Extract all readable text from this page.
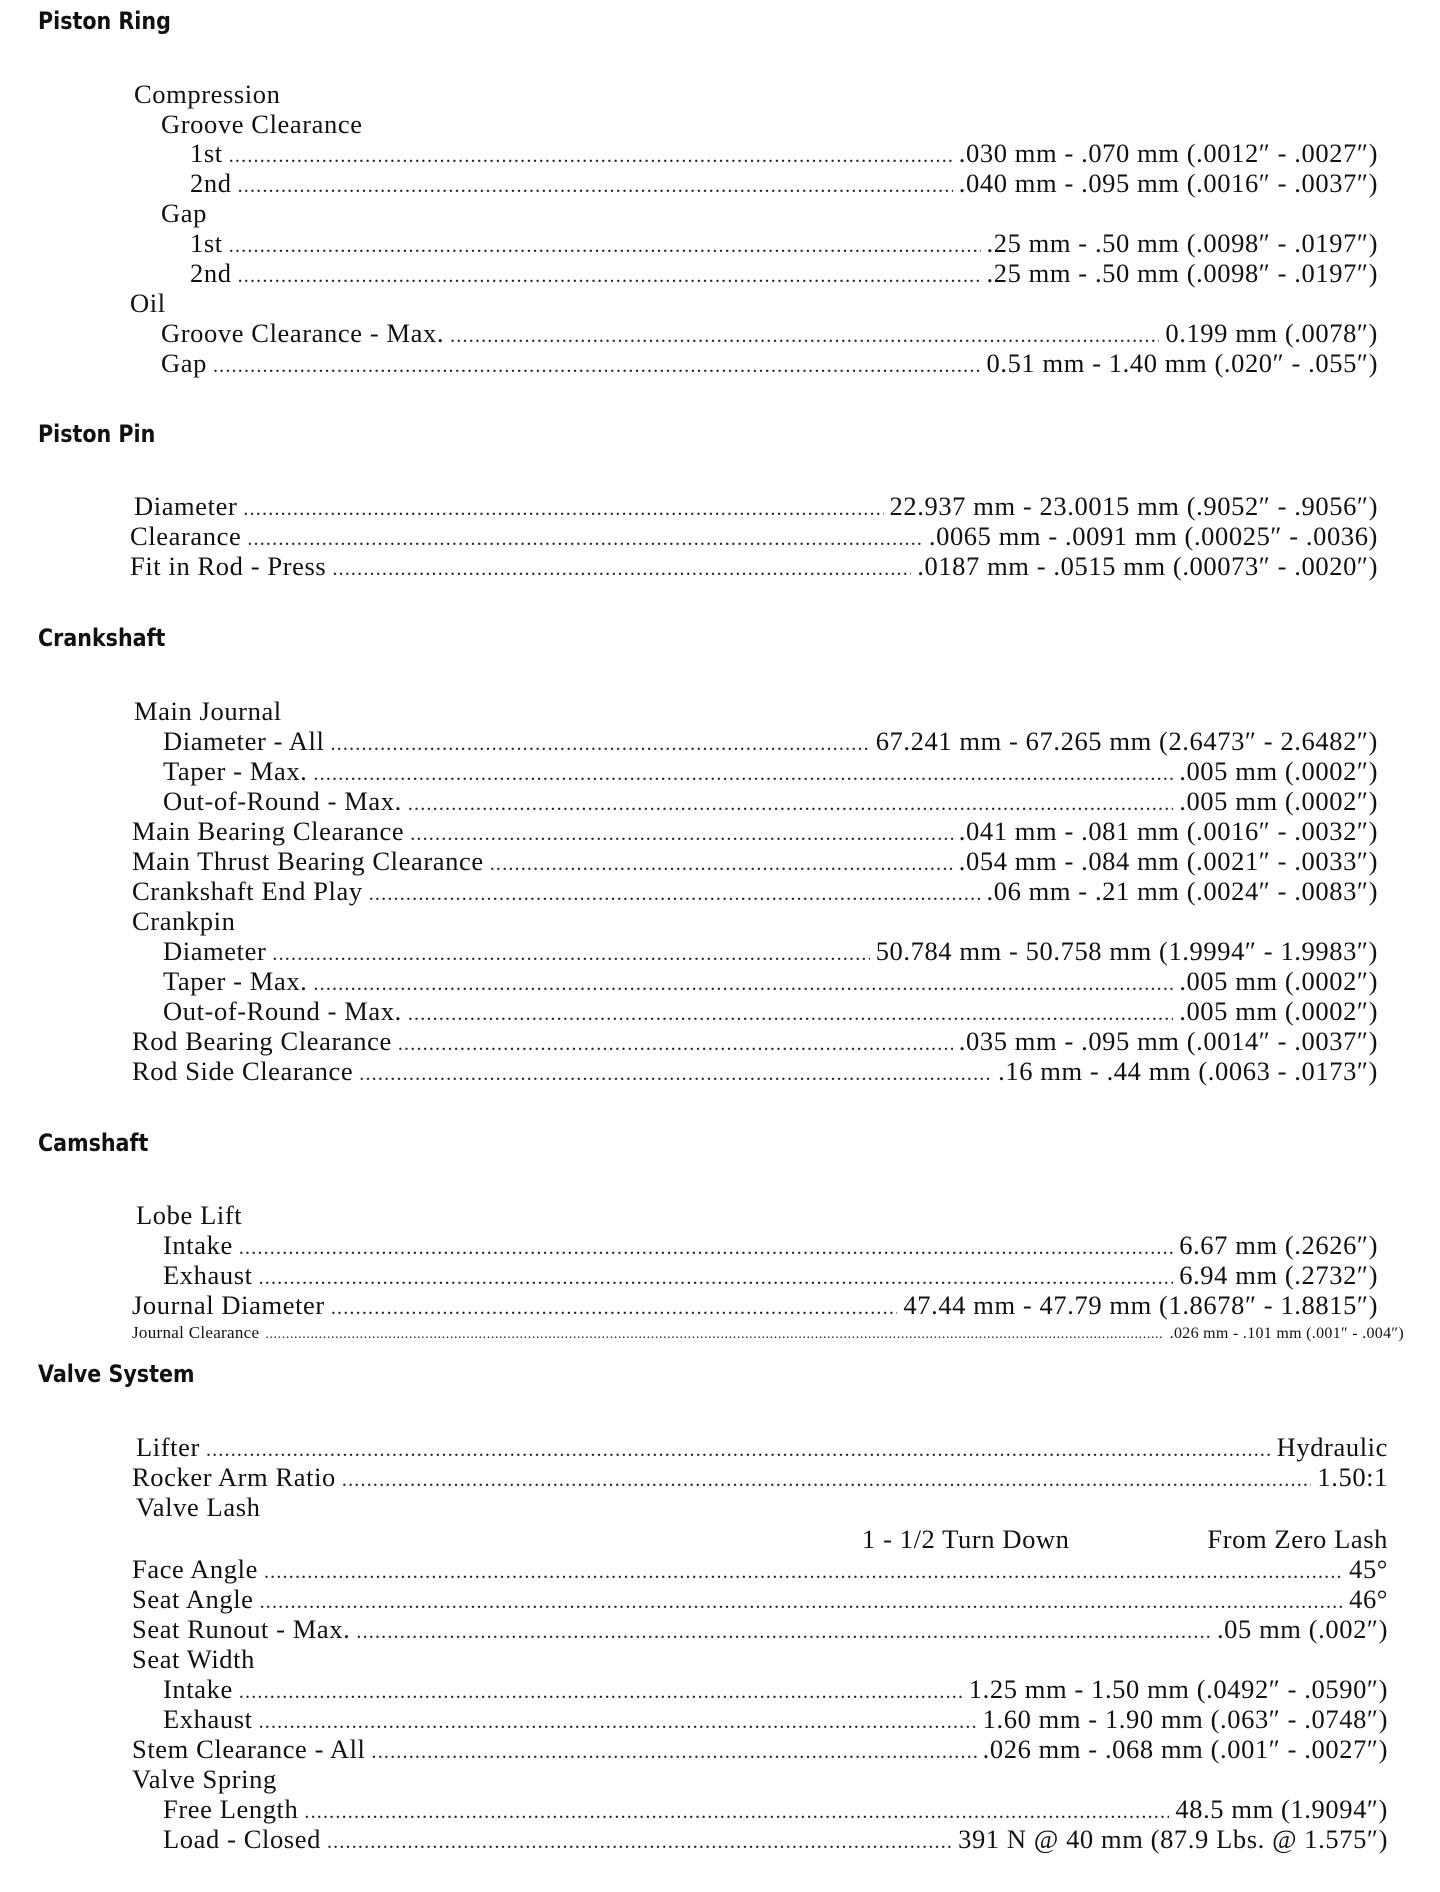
Piston Ring
Compression
Groove Clearance
1st .....	.030 mm - .070 mm (.0012″ - .0027″)
2nd .....	.040 mm - .095 mm (.0016″ - .0037″)
Gap
1st .....	.25 mm - .50 mm (.0098″ - .0197″)
2nd .....	.25 mm - .50 mm (.0098″ - .0197″)
Oil
Groove Clearance - Max. .....	0.199 mm (.0078″)
Gap .....	0.51 mm - 1.40 mm (.020″ - .055″)
Piston Pin
Diameter .....	22.937 mm - 23.0015 mm (.9052″ - .9056″)
Clearance .....	.0065 mm - .0091 mm (.00025″ - .0036)
Fit in Rod - Press .....	.0187 mm - .0515 mm (.00073″ - .0020″)
Crankshaft
Main Journal
Diameter - All .....	67.241 mm - 67.265 mm (2.6473″ - 2.6482″)
Taper - Max. .....	.005 mm (.0002″)
Out-of-Round - Max. .....	.005 mm (.0002″)
Main Bearing Clearance .....	.041 mm - .081 mm (.0016″ - .0032″)
Main Thrust Bearing Clearance .....	.054 mm - .084 mm (.0021″ - .0033″)
Crankshaft End Play .....	.06 mm - .21 mm (.0024″ - .0083″)
Crankpin
Diameter .....	50.784 mm - 50.758 mm (1.9994″ - 1.9983″)
Taper - Max. .....	.005 mm (.0002″)
Out-of-Round - Max. .....	.005 mm (.0002″)
Rod Bearing Clearance .....	.035 mm - .095 mm (.0014″ - .0037″)
Rod Side Clearance .....	.16 mm - .44 mm (.0063 - .0173″)
Camshaft
Lobe Lift
Intake .....	6.67 mm (.2626″)
Exhaust .....	6.94 mm (.2732″)
Journal Diameter .....	47.44 mm - 47.79 mm (1.8678″ - 1.8815″)
Journal Clearance .....	.026 mm - .101 mm (.001″ - .004″)
Valve System
Lifter .....	Hydraulic
Rocker Arm Ratio .....	1.50:1
Valve Lash
1 - 1/2 Turn Down	From Zero Lash
Face Angle .....	45°
Seat Angle .....	46°
Seat Runout - Max. .....	.05 mm (.002″)
Seat Width
Intake .....	1.25 mm - 1.50 mm (.0492″ - .0590″)
Exhaust .....	1.60 mm - 1.90 mm (.063″ - .0748″)
Stem Clearance - All .....	.026 mm - .068 mm (.001″ - .0027″)
Valve Spring
Free Length .....	48.5 mm (1.9094″)
Load - Closed .....	391 N @ 40 mm (87.9 Lbs. @ 1.575″)
